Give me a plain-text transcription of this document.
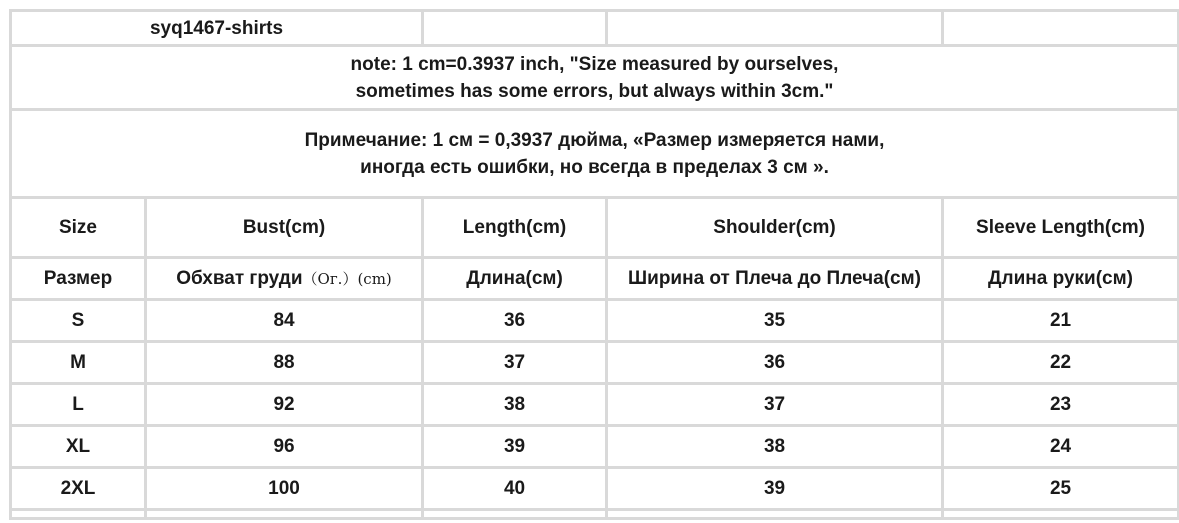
syq1467-shirts				

note: 1 cm=0.3937 inch, "Size measured by ourselves,
sometimes has some errors, but always within 3cm."				

Примечание: 1 см = 0,3937 дюйма, «Размер измеряется нами,
иногда есть ошибки, но всегда в пределах 3 см ».				

Size	Bust(cm)	Length(cm)	Shoulder(cm)	Sleeve Length(cm)
Размер	Обхват груди（Ог.）(cm)	Длина(см)	Ширина от Плеча до Плеча(см)	Длина руки(см)
S	84	36	35	21
M	88	37	36	22
L	92	38	37	23
XL	96	39	38	24
2XL	100	40	39	25
